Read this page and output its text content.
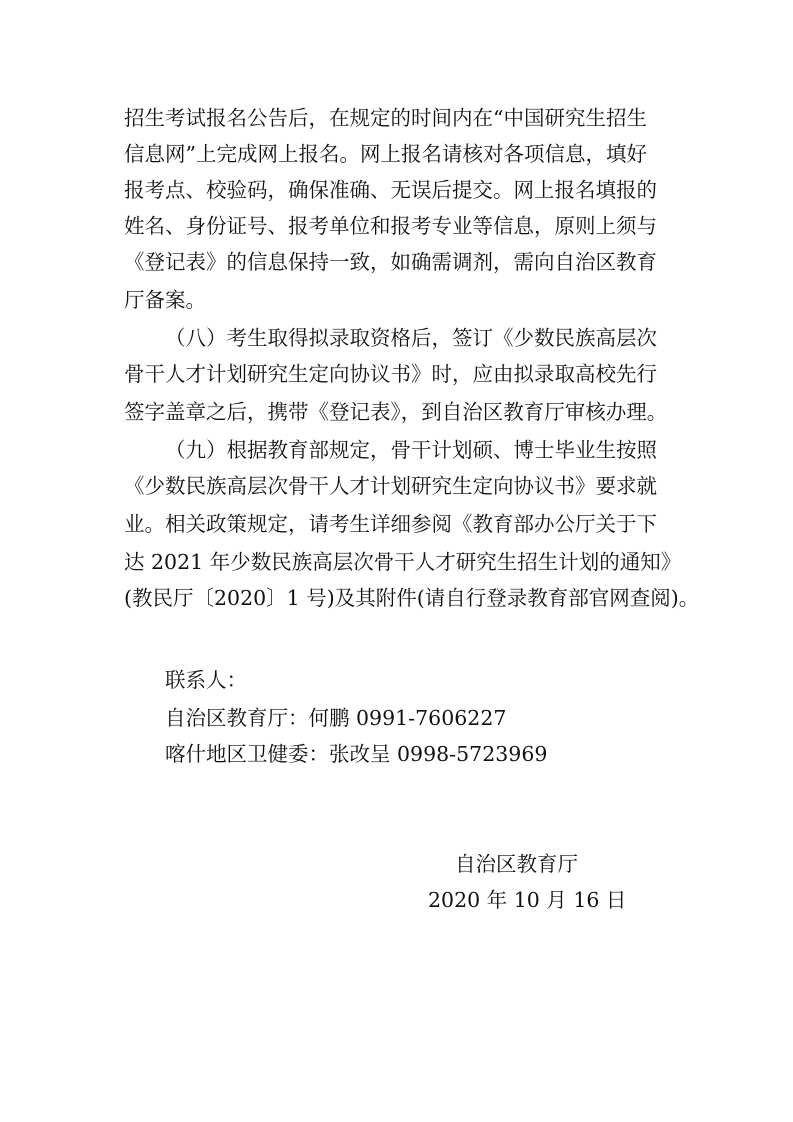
招生考试报名公告后，在规定的时间内在“中国研究生招生
信息网”上完成网上报名。网上报名请核对各项信息，填好
报考点、校验码，确保准确、无误后提交。网上报名填报的
姓名、身份证号、报考单位和报考专业等信息，原则上须与
《登记表》的信息保持一致，如确需调剂，需向自治区教育
厅备案。
（八）考生取得拟录取资格后，签订《少数民族高层次
骨干人才计划研究生定向协议书》时，应由拟录取高校先行
签字盖章之后，携带《登记表》，到自治区教育厅审核办理。
（九）根据教育部规定，骨干计划硕、博士毕业生按照
《少数民族高层次骨干人才计划研究生定向协议书》要求就
业。相关政策规定，请考生详细参阅《教育部办公厅关于下
达 2021 年少数民族高层次骨干人才研究生招生计划的通知》
(教民厅〔2020〕1 号)及其附件(请自行登录教育部官网查阅)。
联系人：
自治区教育厅：何鹏 0991-7606227
喀什地区卫健委：张改呈 0998-5723969
自治区教育厅
2020 年 10 月 16 日
